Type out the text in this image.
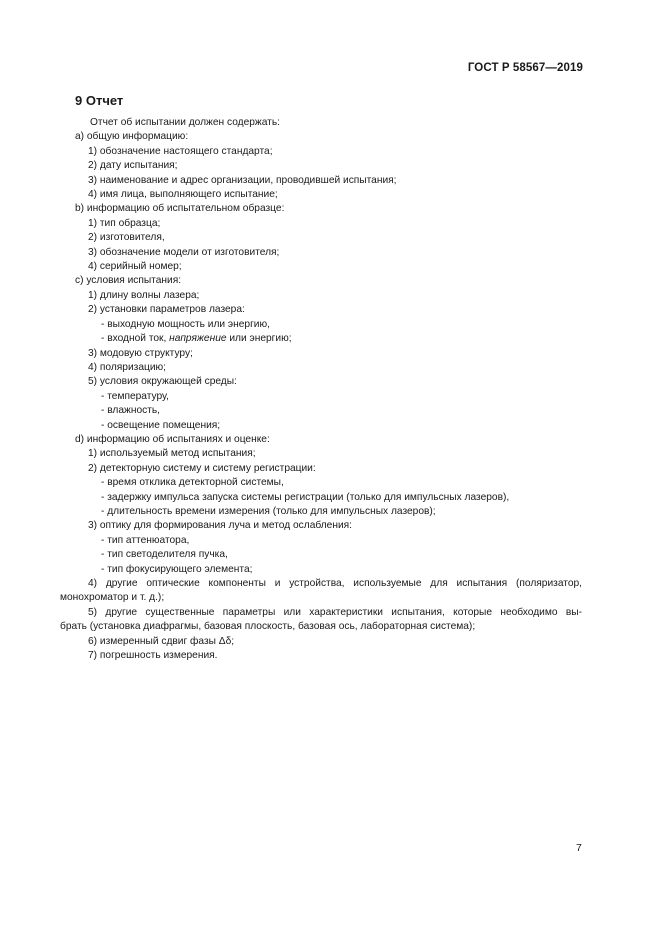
ГОСТ Р 58567—2019
9 Отчет
Отчет об испытании должен содержать:
a) общую информацию:
1) обозначение настоящего стандарта;
2) дату испытания;
3) наименование и адрес организации, проводившей испытания;
4) имя лица, выполняющего испытание;
b) информацию об испытательном образце:
1) тип образца;
2) изготовителя,
3) обозначение модели от изготовителя;
4) серийный номер;
c) условия испытания:
1) длину волны лазера;
2) установки параметров лазера:
- выходную мощность или энергию,
- входной ток, напряжение или энергию;
3) модовую структуру;
4) поляризацию;
5) условия окружающей среды:
- температуру,
- влажность,
- освещение помещения;
d) информацию об испытаниях и оценке:
1) используемый метод испытания;
2) детекторную систему и систему регистрации:
- время отклика детекторной системы,
- задержку импульса запуска системы регистрации (только для импульсных лазеров),
- длительность времени измерения (только для импульсных лазеров);
3) оптику для формирования луча и метод ослабления:
- тип аттенюатора,
- тип светоделителя пучка,
- тип фокусирующего элемента;
4) другие оптические компоненты и устройства, используемые для испытания (поляризатор,
монохроматор и т. д.);
5) другие существенные параметры или характеристики испытания, которые необходимо вы-
брать (установка диафрагмы, базовая плоскость, базовая ось, лабораторная система);
6) измеренный сдвиг фазы Δδ;
7) погрешность измерения.
7
